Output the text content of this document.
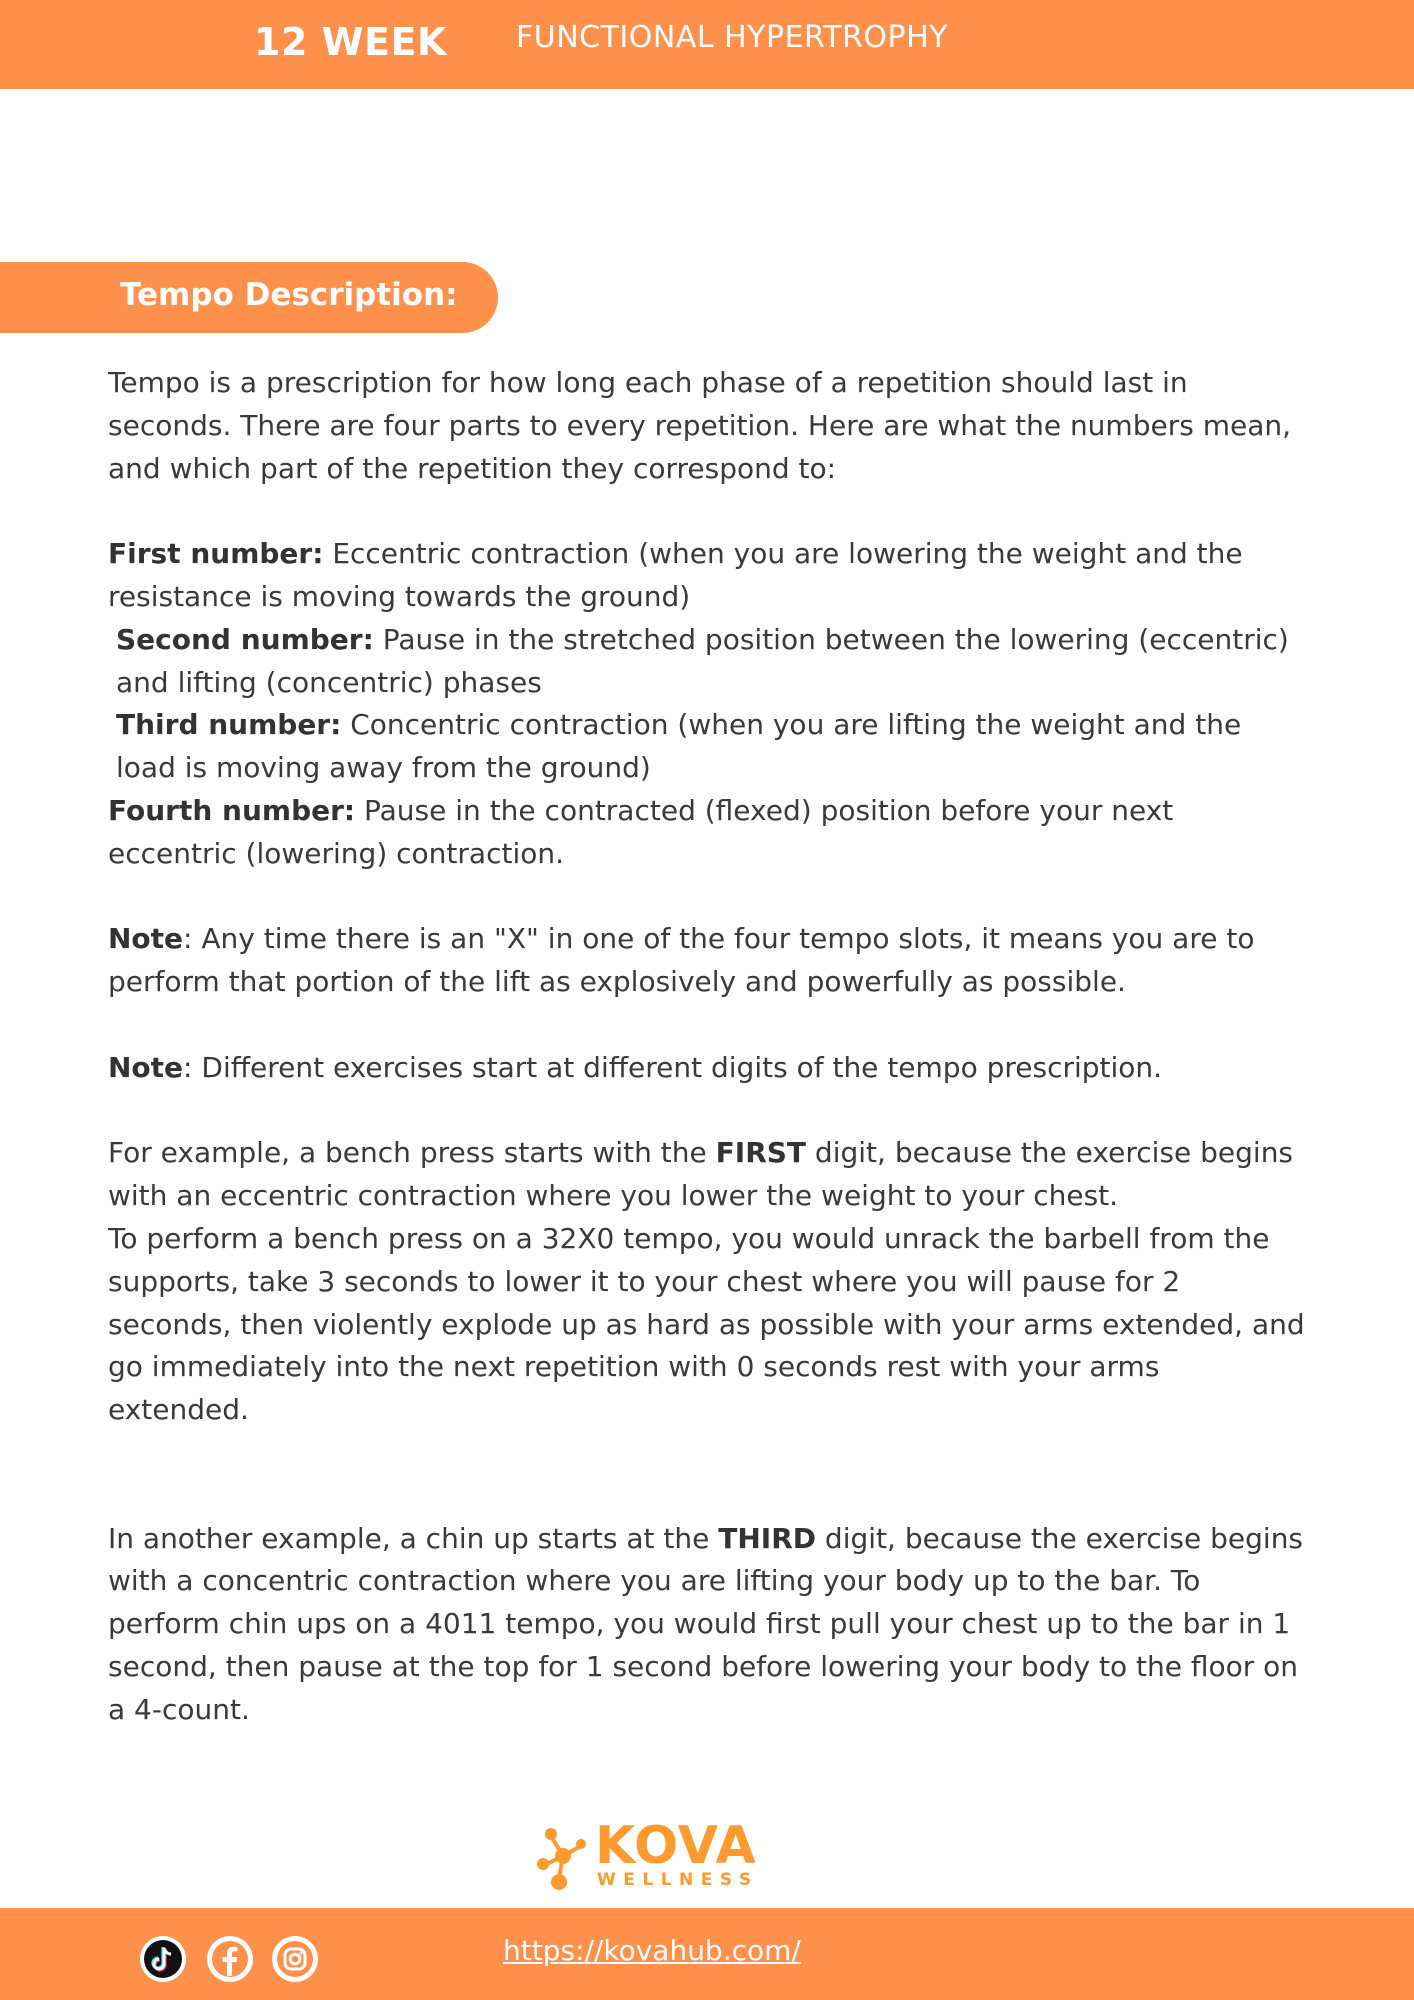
12 WEEK FUNCTIONAL HYPERTROPHY
Tempo Description:

Tempo is a prescription for how long each phase of a repetition should last in seconds. There are four parts to every repetition. Here are what the numbers mean, and which part of the repetition they correspond to:

First number: Eccentric contraction (when you are lowering the weight and the resistance is moving towards the ground)

Second number: Pause in the stretched position between the lowering (eccentric) and lifting (concentric) phases

Third number: Concentric contraction (when you are lifting the weight and the load is moving away from the ground)

Fourth number: Pause in the contracted (flexed) position before your next eccentric (lowering) contraction.

Note: Any time there is an "X" in one of the four tempo slots, it means you are to perform that portion of the lift as explosively and powerfully as possible.

Note: Different exercises start at different digits of the tempo prescription.

For example, a bench press starts with the FIRST digit, because the exercise begins with an eccentric contraction where you lower the weight to your chest.

To perform a bench press on a 32X0 tempo, you would unrack the barbell from the supports, take 3 seconds to lower it to your chest where you will pause for 2 seconds, then violently explode up as hard as possible with your arms extended, and go immediately into the next repetition with 0 seconds rest with your arms extended.

In another example, a chin up starts at the THIRD digit, because the exercise begins with a concentric contraction where you are lifting your body up to the bar. To perform chin ups on a 4011 tempo, you would first pull your chest up to the bar in 1 second, then pause at the top for 1 second before lowering your body to the floor on a 4-count.

KOVA
WELLNESS
https://kovahub.com/
